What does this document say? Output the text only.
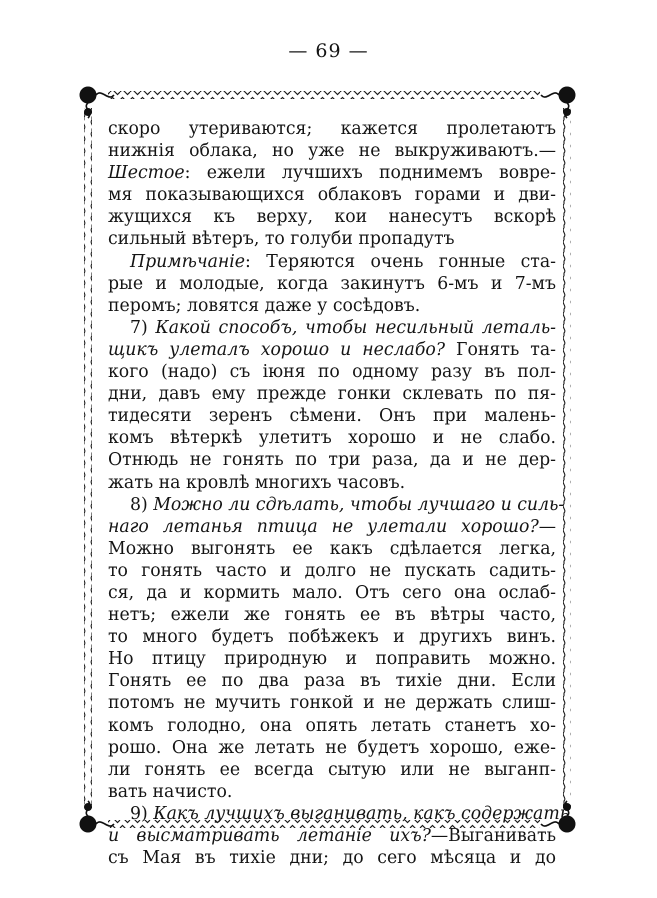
— 69 —
скоро утериваются; кажется пролетаютъ
нижнія облака, но уже не выкруживаютъ.—
Шестое: ежели лучшихъ поднимемъ вовре-
мя показывающихся облаковъ горами и дви-
жущихся къ верху, кои нанесутъ вскорѣ
сильный вѣтеръ, то голуби пропадутъ
Примѣчаніе: Теряются очень гонные ста-
рые и молодые, когда закинутъ 6-мъ и 7-мъ
перомъ; ловятся даже у сосѣдовъ.
7) Какой способъ, чтобы несильный леталь-
щикъ улеталъ хорошо и неслабо? Гонять та-
кого (надо) съ іюня по одному разу въ пол-
дни, давъ ему прежде гонки склевать по пя-
тидесяти зеренъ сѣмени. Онъ при малень-
комъ вѣтеркѣ улетитъ хорошо и не слабо.
Отнюдь не гонять по три раза, да и не дер-
жать на кровлѣ многихъ часовъ.
8) Можно ли сдѣлать, чтобы лучшаго и силь-
наго летанья птица не улетали хорошо?—
Можно выгонять ее какъ сдѣлается легка,
то гонять часто и долго не пускать садить-
ся, да и кормить мало. Отъ сего она ослаб-
нетъ; ежели же гонять ее въ вѣтры часто,
то много будетъ побѣжекъ и другихъ винъ.
Но птицу природную и поправить можно.
Гонять ее по два раза въ тихіе дни. Если
потомъ не мучить гонкой и не держать слиш-
комъ голодно, она опять летать станетъ хо-
рошо. Она же летать не будетъ хорошо, еже-
ли гонять ее всегда сытую или не выганп-
вать начисто.
9) Какъ лучшихъ выганивать, какъ содержать
и высматривать летаніе ихъ?—Выганивать
съ Мая въ тихіе дни; до сего мѣсяца и до
